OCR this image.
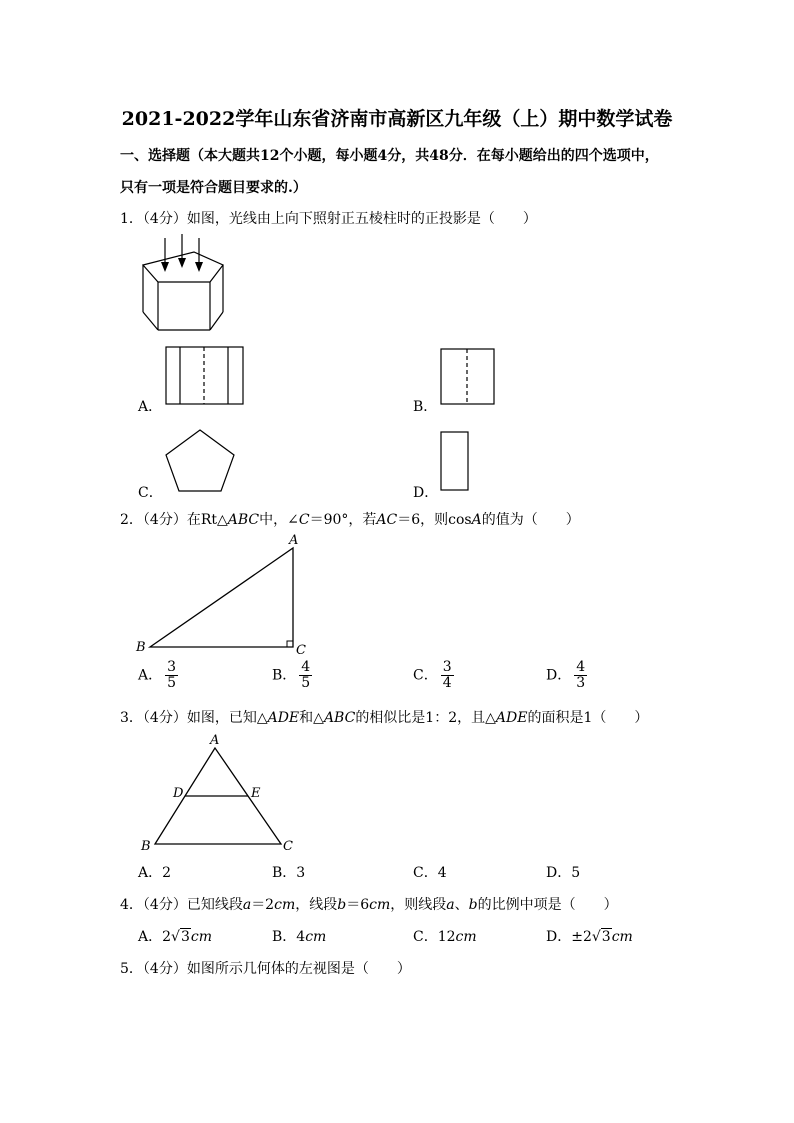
2021-2022学年山东省济南市高新区九年级（上）期中数学试卷
一、选择题（本大题共12个小题，每小题4分，共48分．在每小题给出的四个选项中，
只有一项是符合题目要求的.）
1．（4分）如图，光线由上向下照射正五棱柱时的正投影是（　　）
A．	B．
C．	D．
2．（4分）在Rt△ABC中，∠C＝90°，若AC＝6，则cosA的值为（　　）
A
B	C
A． $\frac{3}{5}$	B． $\frac{4}{5}$	C． $\frac{3}{4}$	D． $\frac{4}{3}$
3．（4分）如图，已知△ADE和△ABC的相似比是1：2，且△ADE的面积是1（　　）
A
B	C
D	E
A．2	B．3	C．4	D．5
4．（4分）已知线段a＝2cm，线段b＝6cm，则线段a、b的比例中项是（　　）
A．2√3cm	B．4cm	C．12cm	D．±2√3cm
5．（4分）如图所示几何体的左视图是（　　）
